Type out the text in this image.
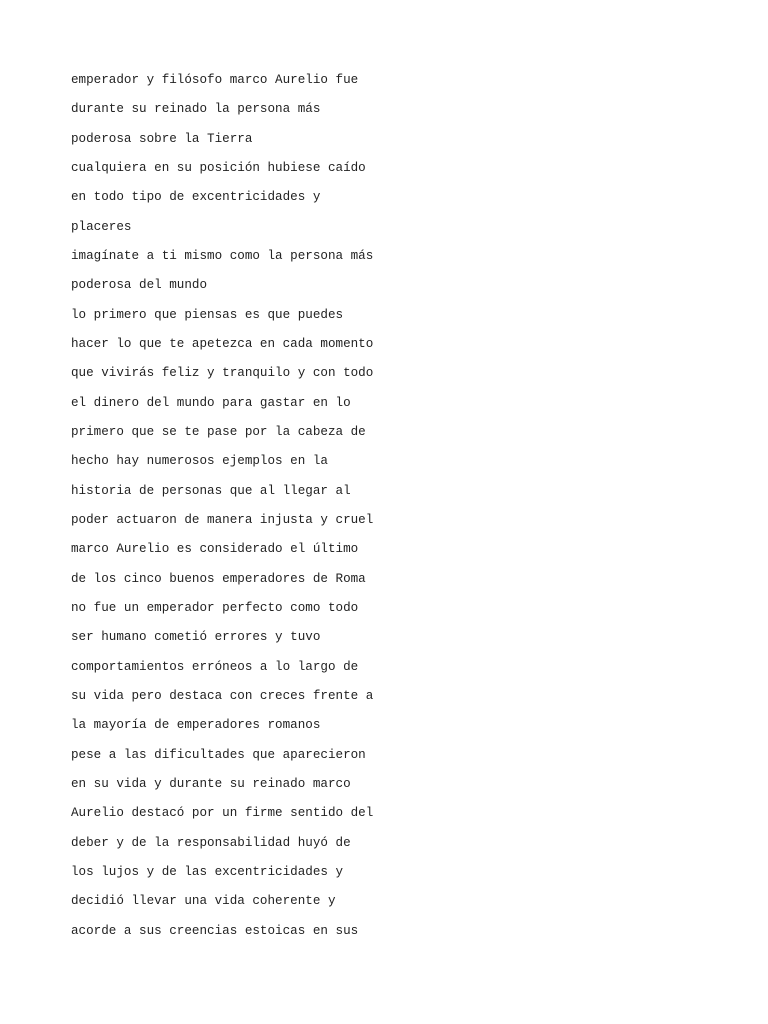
emperador y filósofo marco Aurelio fue
durante su reinado la persona más
poderosa sobre la Tierra
cualquiera en su posición hubiese caído
en todo tipo de excentricidades y
placeres
imagínate a ti mismo como la persona más
poderosa del mundo
lo primero que piensas es que puedes
hacer lo que te apetezca en cada momento
que vivirás feliz y tranquilo y con todo
el dinero del mundo para gastar en lo
primero que se te pase por la cabeza de
hecho hay numerosos ejemplos en la
historia de personas que al llegar al
poder actuaron de manera injusta y cruel
marco Aurelio es considerado el último
de los cinco buenos emperadores de Roma
no fue un emperador perfecto como todo
ser humano cometió errores y tuvo
comportamientos erróneos a lo largo de
su vida pero destaca con creces frente a
la mayoría de emperadores romanos
pese a las dificultades que aparecieron
en su vida y durante su reinado marco
Aurelio destacó por un firme sentido del
deber y de la responsabilidad huyó de
los lujos y de las excentricidades y
decidió llevar una vida coherente y
acorde a sus creencias estoicas en sus
